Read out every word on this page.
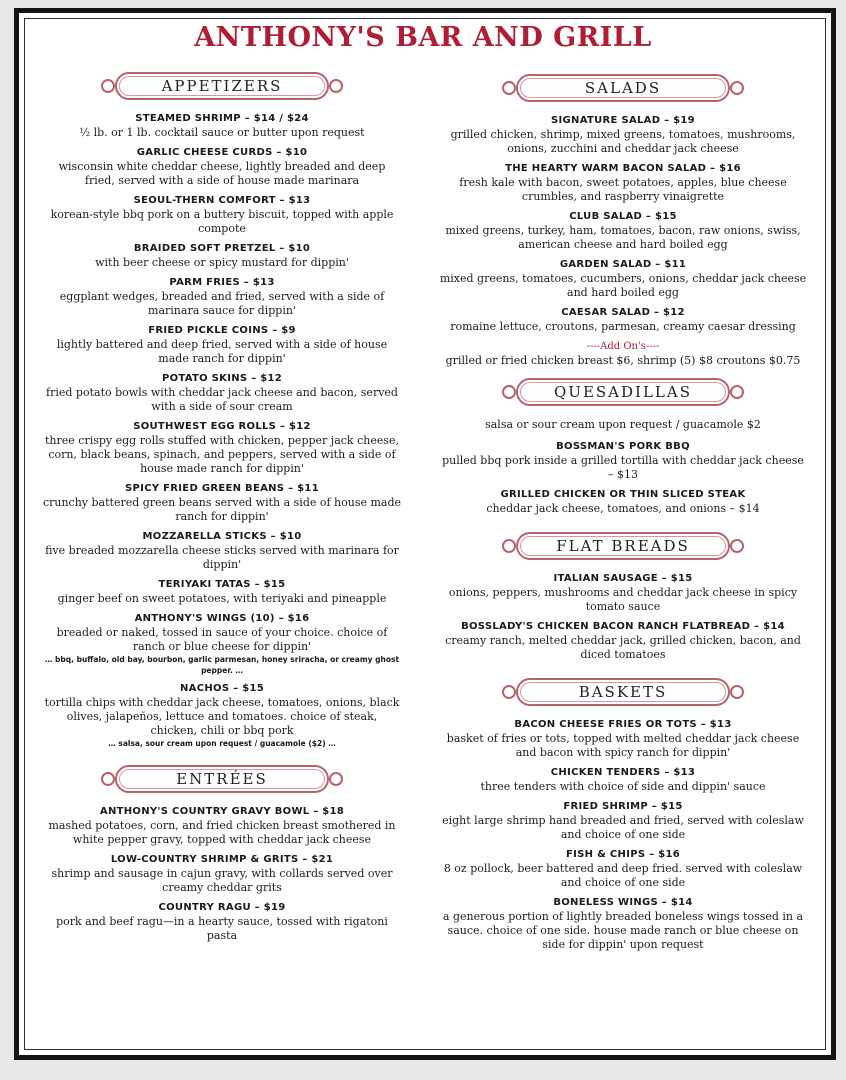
ANTHONY'S BAR AND GRILL
APPETIZERS
STEAMED SHRIMP – $14 / $24
½ lb. or 1 lb. cocktail sauce or butter upon request
GARLIC CHEESE CURDS – $10
wisconsin white cheddar cheese, lightly breaded and deep fried, served with a side of house made marinara
SEOUL-THERN COMFORT – $13
korean-style bbq pork on a buttery biscuit, topped with apple compote
BRAIDED SOFT PRETZEL – $10
with beer cheese or spicy mustard for dippin'
PARM FRIES – $13
eggplant wedges, breaded and fried, served with a side of marinara sauce for dippin'
FRIED PICKLE COINS – $9
lightly battered and deep fried, served with a side of house made ranch for dippin'
POTATO SKINS – $12
fried potato bowls with cheddar jack cheese and bacon, served with a side of sour cream
SOUTHWEST EGG ROLLS – $12
three crispy egg rolls stuffed with chicken, pepper jack cheese, corn, black beans, spinach, and peppers, served with a side of house made ranch for dippin'
SPICY FRIED GREEN BEANS – $11
crunchy battered green beans served with a side of house made ranch for dippin'
MOZZARELLA STICKS – $10
five breaded mozzarella cheese sticks served with marinara for dippin'
TERIYAKI TATAS – $15
ginger beef on sweet potatoes, with teriyaki and pineapple
ANTHONY'S WINGS (10) – $16
breaded or naked, tossed in sauce of your choice. choice of ranch or blue cheese for dippin'
… bbq, buffalo, old bay, bourbon, garlic parmesan, honey sriracha, or creamy ghost pepper. …
NACHOS – $15
tortilla chips with cheddar jack cheese, tomatoes, onions, black olives, jalapeños, lettuce and tomatoes. choice of steak, chicken, chili or bbq pork
… salsa, sour cream upon request / guacamole ($2) …
ENTRÉES
ANTHONY'S COUNTRY GRAVY BOWL – $18
mashed potatoes, corn, and fried chicken breast smothered in white pepper gravy, topped with cheddar jack cheese
LOW-COUNTRY SHRIMP & GRITS – $21
shrimp and sausage in cajun gravy, with collards served over creamy cheddar grits
COUNTRY RAGU – $19
pork and beef ragu—in a hearty sauce, tossed with rigatoni pasta
SALADS
SIGNATURE SALAD – $19
grilled chicken, shrimp, mixed greens, tomatoes, mushrooms, onions, zucchini and cheddar jack cheese
THE HEARTY WARM BACON SALAD – $16
fresh kale with bacon, sweet potatoes, apples, blue cheese crumbles, and raspberry vinaigrette
CLUB SALAD – $15
mixed greens, turkey, ham, tomatoes, bacon, raw onions, swiss, american cheese and hard boiled egg
GARDEN SALAD – $11
mixed greens, tomatoes, cucumbers, onions, cheddar jack cheese and hard boiled egg
CAESAR SALAD – $12
romaine lettuce, croutons, parmesan, creamy caesar dressing
----Add On's----
grilled or fried chicken breast $6, shrimp (5) $8 croutons $0.75
QUESADILLAS
salsa or sour cream upon request / guacamole $2
BOSSMAN'S PORK BBQ
pulled bbq pork inside a grilled tortilla with cheddar jack cheese – $13
GRILLED CHICKEN OR THIN SLICED STEAK
cheddar jack cheese, tomatoes, and onions – $14
FLAT BREADS
ITALIAN SAUSAGE – $15
onions, peppers, mushrooms and cheddar jack cheese in spicy tomato sauce
BOSSLADY'S CHICKEN BACON RANCH FLATBREAD – $14
creamy ranch, melted cheddar jack, grilled chicken, bacon, and diced tomatoes
BASKETS
BACON CHEESE FRIES OR TOTS – $13
basket of fries or tots, topped with melted cheddar jack cheese and bacon with spicy ranch for dippin'
CHICKEN TENDERS – $13
three tenders with choice of side and dippin' sauce
FRIED SHRIMP – $15
eight large shrimp hand breaded and fried, served with coleslaw and choice of one side
FISH & CHIPS – $16
8 oz pollock, beer battered and deep fried. served with coleslaw and choice of one side
BONELESS WINGS – $14
a generous portion of lightly breaded boneless wings tossed in a sauce. choice of one side. house made ranch or blue cheese on side for dippin' upon request
